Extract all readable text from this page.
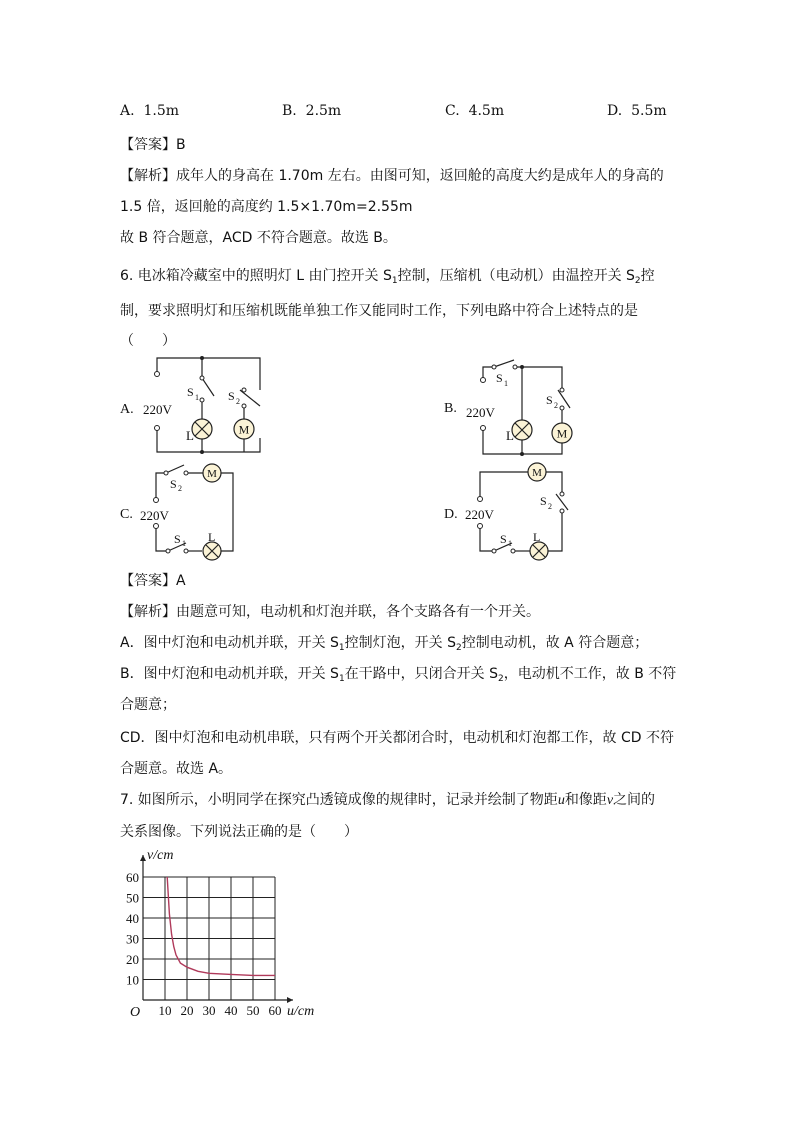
A. 1.5m	B. 2.5m	C. 4.5m	D. 5.5m
【答案】B
【解析】成年人的身高在 1.70m 左右。由图可知，返回舱的高度大约是成年人的身高的
1.5 倍，返回舱的高度约 1.5×1.70m=2.55m
故 B 符合题意，ACD 不符合题意。故选 B。
6. 电冰箱冷藏室中的照明灯 L 由门控开关 $S_1$控制，压缩机（电动机）由温控开关 $S_2$控
制，要求照明灯和压缩机既能单独工作又能同时工作，下列电路中符合上述特点的是
（　　）
M
A. 220V
L
S 1 S 2
M
B. 220V
L
S 1
S 2
M
C. 220V
L
S 2
S 1
M
D. 220V
L
S 2
S 1
【答案】A
【解析】由题意可知，电动机和灯泡并联，各个支路各有一个开关。
A．图中灯泡和电动机并联，开关 $S_1$控制灯泡，开关 $S_2$控制电动机，故 A 符合题意；
B．图中灯泡和电动机并联，开关 $S_1$在干路中，只闭合开关 $S_2$，电动机不工作，故 B 不符
合题意；
CD．图中灯泡和电动机串联，只有两个开关都闭合时，电动机和灯泡都工作，故 CD 不符
合题意。故选 A。
7. 如图所示，小明同学在探究凸透镜成像的规律时，记录并绘制了物距u和像距v之间的
关系图像。下列说法正确的是（　　）
10 20 30 40 50 60
10
20
30
40
50
60
O
v/cm
u/cm
